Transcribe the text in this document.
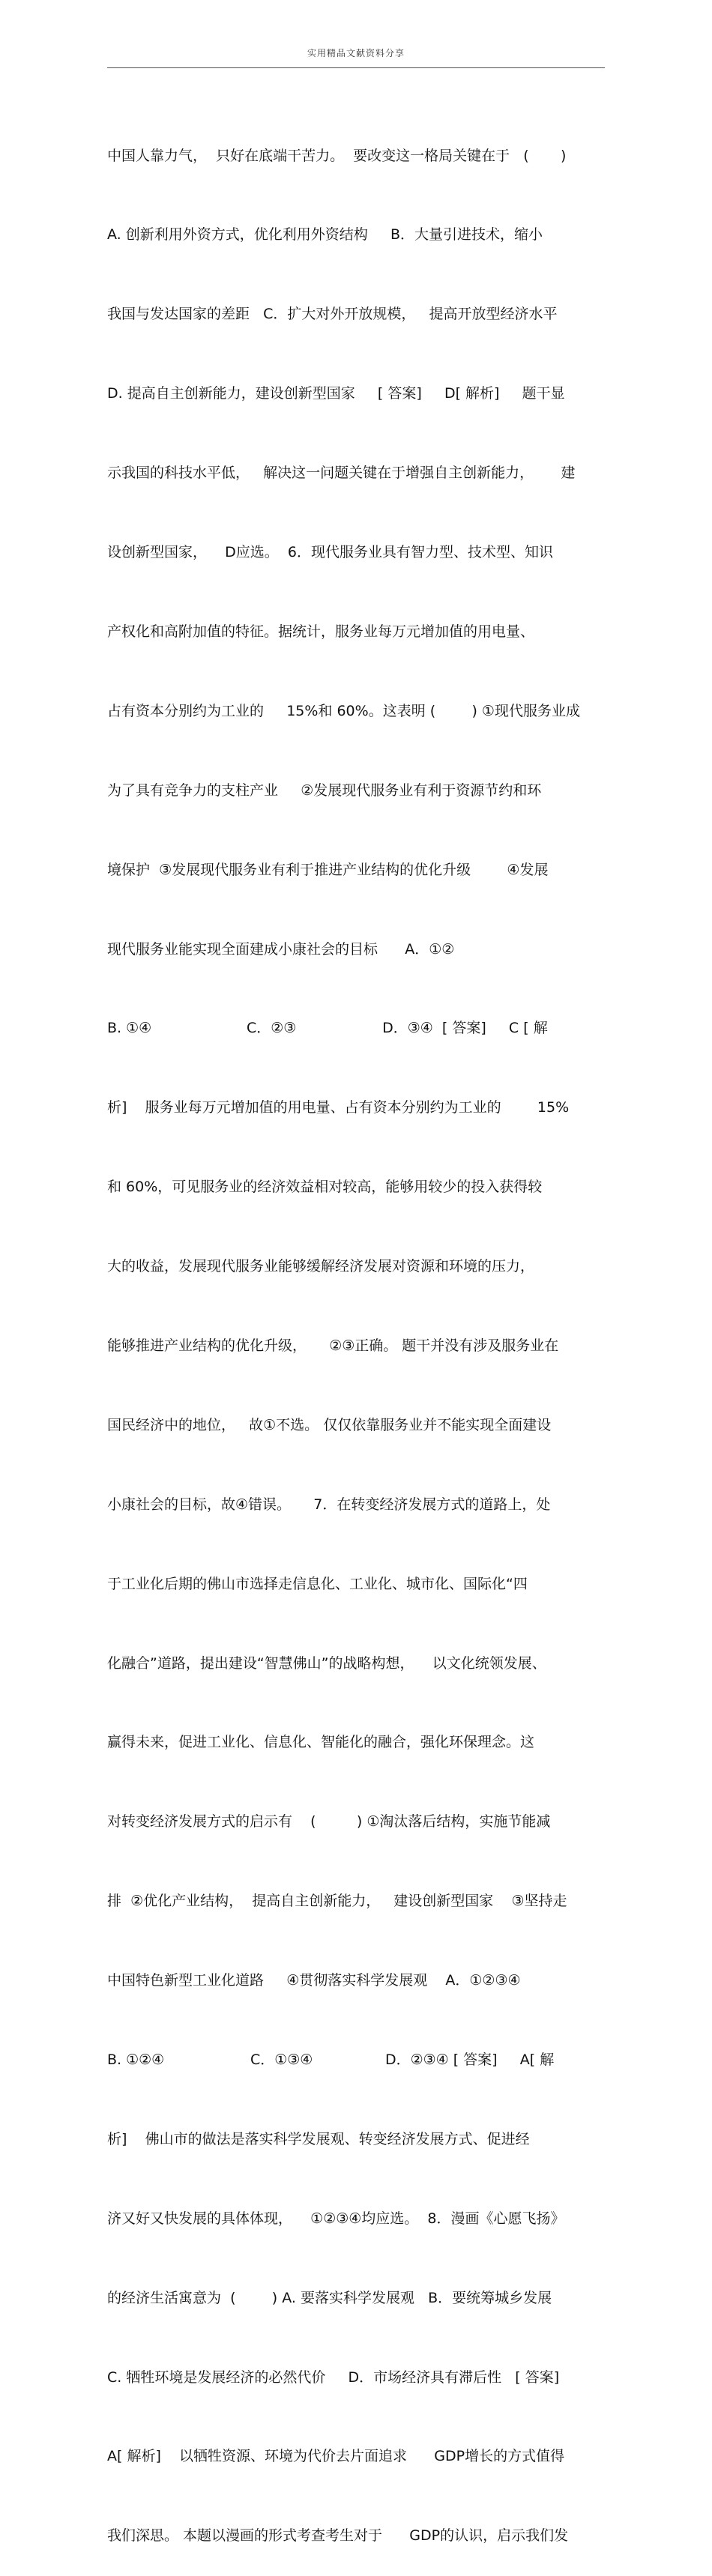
实用精品文献资料分享

中国人靠力气，  只好在底端干苦力。  要改变这一格局关键在于   (       )

A. 创新利用外资方式，优化利用外资结构     B．大量引进技术，缩小

我国与发达国家的差距   C．扩大对外开放规模，   提高开放型经济水平

D. 提高自主创新能力，建设创新型国家     [ 答案]     D[ 解析]     题干显

示我国的科技水平低，   解决这一问题关键在于增强自主创新能力，      建

设创新型国家，    D应选。  6．现代服务业具有智力型、技术型、知识

产权化和高附加值的特征。据统计，服务业每万元增加值的用电量、

占有资本分别约为工业的     15%和 60%。这表明 (        ) ①现代服务业成

为了具有竞争力的支柱产业     ②发展现代服务业有利于资源节约和环

境保护  ③发展现代服务业有利于推进产业结构的优化升级        ④发展

现代服务业能实现全面建成小康社会的目标      A．①②

B. ①④                     C．②③                   D．③④  [ 答案]     C [ 解

析]    服务业每万元增加值的用电量、占有资本分别约为工业的        15%

和 60%，可见服务业的经济效益相对较高，能够用较少的投入获得较

大的收益，发展现代服务业能够缓解经济发展对资源和环境的压力，

能够推进产业结构的优化升级，     ②③正确。 题干并没有涉及服务业在

国民经济中的地位，   故①不选。 仅仅依靠服务业并不能实现全面建设

小康社会的目标，故④错误。     7．在转变经济发展方式的道路上，处

于工业化后期的佛山市选择走信息化、工业化、城市化、国际化“四

化融合”道路，提出建设“智慧佛山”的战略构想，    以文化统领发展、

赢得未来，促进工业化、信息化、智能化的融合，强化环保理念。这

对转变经济发展方式的启示有    (         ) ①淘汰落后结构，实施节能减

排  ②优化产业结构，  提高自主创新能力，   建设创新型国家    ③坚持走

中国特色新型工业化道路     ④贯彻落实科学发展观    A．①②③④

B. ①②④                   C．①③④                D．②③④ [ 答案]     A[ 解

析]    佛山市的做法是落实科学发展观、转变经济发展方式、促进经

济又好又快发展的具体体现，    ①②③④均应选。  8．漫画《心愿飞扬》

的经济生活寓意为  (        ) A. 要落实科学发展观   B．要统筹城乡发展

C. 牺牲环境是发展经济的必然代价     D．市场经济具有滞后性   [ 答案]

A[ 解析]    以牺牲资源、环境为代价去片面追求      GDP增长的方式值得

我们深思。 本题以漫画的形式考查考生对于      GDP的认识，启示我们发
